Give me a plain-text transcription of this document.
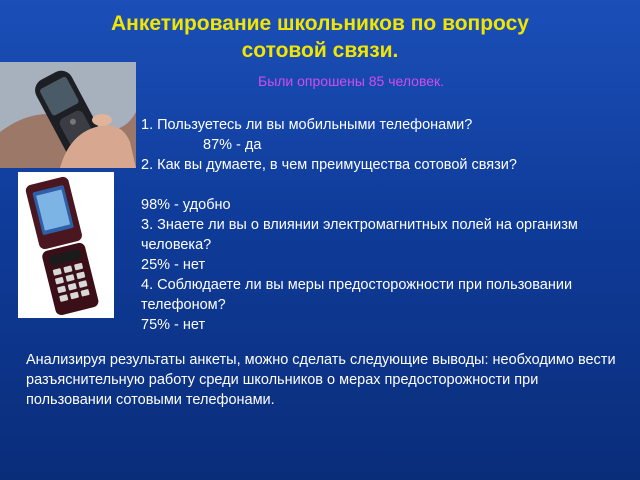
Анкетирование школьников по вопросу
сотовой связи.
Были опрошены 85 человек.
1. Пользуетесь ли вы мобильными телефонами?
87% - да
2. Как вы думаете, в чем преимущества сотовой связи?
98% - удобно
3. Знаете ли вы о влиянии электромагнитных полей на организм человека?
25% - нет
4. Соблюдаете ли вы меры предосторожности при пользовании телефоном?
75% - нет
Анализируя результаты анкеты, можно сделать следующие выводы: необходимо вести разъяснительную работу среди школьников о мерах предосторожности при пользовании сотовыми телефонами.
